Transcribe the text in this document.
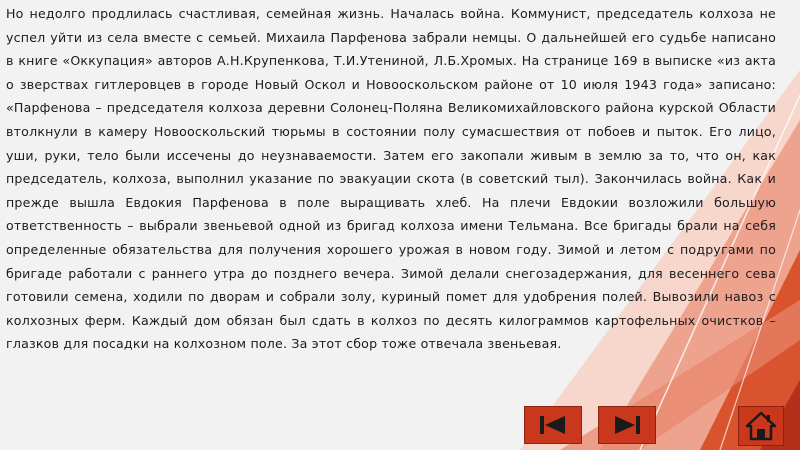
Но недолго продлилась счастливая, семейная жизнь. Началась война. Коммунист, председатель колхоза не успел уйти из села вместе с семьей. Михаила Парфенова забрали немцы. О дальнейшей его судьбе написано в книге «Оккупация» авторов А.Н.Крупенкова, Т.И.Утениной, Л.Б.Хромых. На странице 169 в выписке «из акта о зверствах гитлеровцев в городе Новый Оскол и Новооскольском районе от 10 июля 1943 года» записано: «Парфенова – председателя колхоза деревни Солонец-Поляна Великомихайловского района курской Области втолкнули в камеру Новооскольский тюрьмы в состоянии полу сумасшествия от побоев и пыток. Его лицо, уши, руки, тело были иссечены до неузнаваемости. Затем его закопали живым в землю за то, что он, как председатель, колхоза, выполнил указание по эвакуации скота (в советский тыл). Закончилась война. Как и прежде вышла Евдокия Парфенова в поле выращивать хлеб. На плечи Евдокии возложили большую ответственность – выбрали звеньевой одной из бригад колхоза имени Тельмана. Все бригады брали на себя определенные обязательства для получения хорошего урожая в новом году. Зимой и летом с подругами по бригаде работали с раннего утра до позднего вечера. Зимой делали снегозадержания, для весеннего сева готовили семена, ходили по дворам и собрали золу, куриный помет для удобрения полей. Вывозили навоз с колхозных ферм. Каждый дом обязан был сдать в колхоз по десять килограммов картофельных очистков – глазков для посадки на колхозном поле. За этот сбор тоже отвечала звеньевая.
